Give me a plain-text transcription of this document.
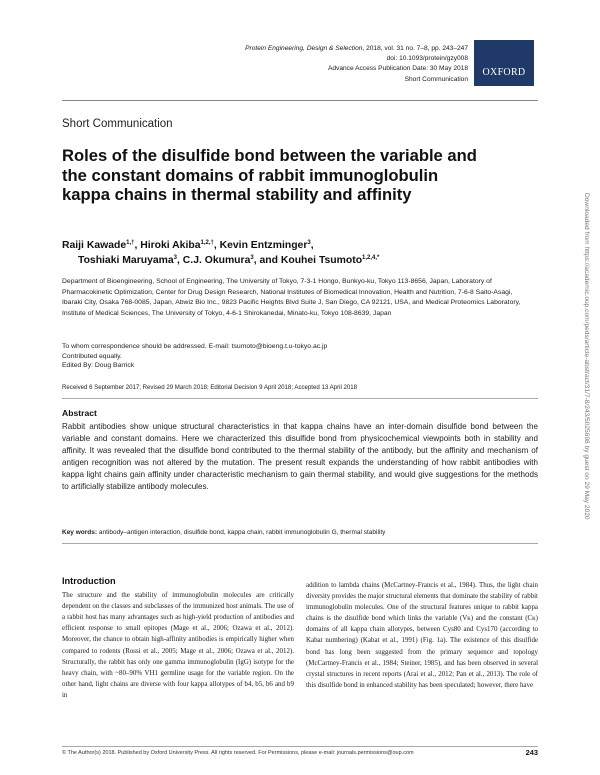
Protein Engineering, Design & Selection, 2018, vol. 31 no. 7–8, pp. 243–247
doi: 10.1093/protein/gzy008
Advance Access Publication Date: 30 May 2018
Short Communication
OXFORD
Short Communication
Roles of the disulfide bond between the variable and the constant domains of rabbit immunoglobulin kappa chains in thermal stability and affinity
Raiji Kawade$^{1,\dagger}$, Hiroki Akiba$^{1,2,\dagger}$, Kevin Entzminger$^3$,
Toshiaki Maruyama$^3$, C.J. Okumura$^3$, and Kouhei Tsumoto$^{1,2,4,*}$
Department of Bioengineering, School of Engineering, The University of Tokyo, 7-3-1 Hongo, Bunkyo-ku, Tokyo 113-8656, Japan, Laboratory of Pharmacokinetic Optimization, Center for Drug Design Research, National Institutes of Biomedical Innovation, Health and Nutrition, 7-6-8 Saito-Asagi, Ibaraki City, Osaka 768-0085, Japan, Abwiz Bio Inc., 9823 Pacific Heights Blvd Suite J, San Diego, CA 92121, USA, and Medical Proteomics Laboratory, Institute of Medical Sciences, The University of Tokyo, 4-6-1 Shirokanedai, Minato-ku, Tokyo 108-8639, Japan
To whom correspondence should be addressed. E-mail: tsumoto@bioeng.t.u-tokyo.ac.jp
Contributed equally.
Edited By: Doug Barrick
Received 6 September 2017; Revised 29 March 2018; Editorial Decision 9 April 2018; Accepted 13 April 2018
Abstract

Rabbit antibodies show unique structural characteristics in that kappa chains have an inter-domain disulfide bond between the variable and constant domains. Here we characterized this disulfide bond from physicochemical viewpoints both in stability and affinity. It was revealed that the disulfide bond contributed to the thermal stability of the antibody, but the affinity and mechanism of antigen recognition was not altered by the mutation. The present result expands the understanding of how rabbit antibodies with kappa light chains gain affinity under characteristic mechanism to gain thermal stability, and would give suggestions for the methods to artificially stabilize antibody molecules.

Key words: antibody–antigen interaction, disulfide bond, kappa chain, rabbit immunoglobulin G, thermal stability
Introduction

The structure and the stability of immunoglobulin molecules are critically dependent on the classes and subclasses of the immunized host animals. The use of a rabbit host has many advantages such as high-yield production of antibodies and efficient response to small epitopes (Mage et al., 2006; Ozawa et al., 2012). Moreover, the chance to obtain high-affinity antibodies is empirically higher when compared to rodents (Rossi et al., 2005; Mage et al., 2006; Ozawa et al., 2012). Structurally, the rabbit has only one gamma immunoglobulin (IgG) isotype for the heavy chain, with ~80–90% VH1 germline usage for the variable region. On the other hand, light chains are diverse with four kappa allotypes of b4, b5, b6 and b9 in

addition to lambda chains (McCartney-Francis et al., 1984). Thus, the light chain diversity provides the major structural elements that dominate the stability of rabbit immunoglobulin molecules. One of the structural features unique to rabbit kappa chains is the disulfide bond which links the variable (Vκ) and the constant (Cκ) domains of all kappa chain allotypes, between Cys80 and Cys170 (according to Kabat numbering) (Kabat et al., 1991) (Fig. 1a). The existence of this disulfide bond has long been suggested from the primary sequence and topology (McCartney-Francis et al., 1984; Steiner, 1985), and has been observed in several crystal structures in recent reports (Arai et al., 2012; Pan et al., 2013). The role of this disulfide bond in enhanced stability has been speculated; however, there have

© The Author(s) 2018. Published by Oxford University Press. All rights reserved. For Permissions, please e-mail: journals.permissions@oup.com	243
Downloaded from https://academic.oup.com/peds/article-abstract/31/7-8/243/5025698 by guest on 29 May 2020
